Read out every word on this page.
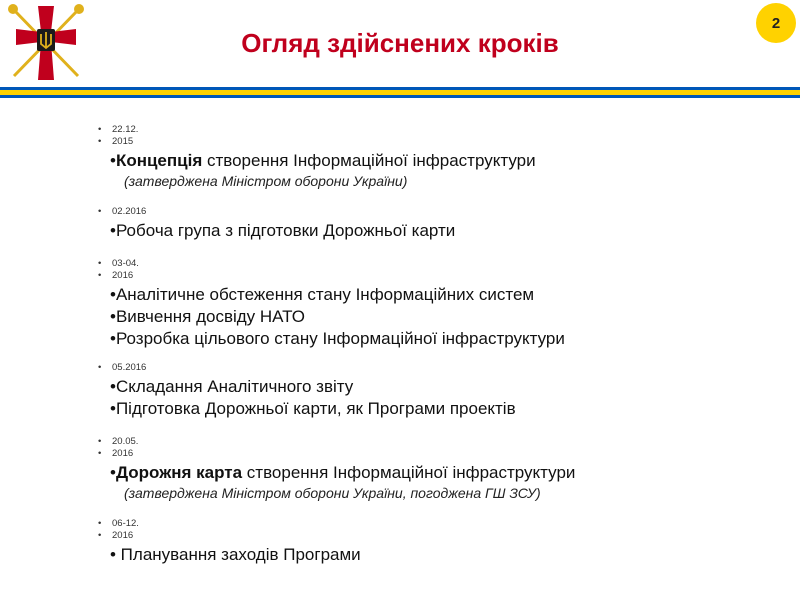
Огляд здійснених кроків
2
•	22.12.
•	2015
•Концепція створення Інформаційної інфраструктури
(затверджена Міністром оборони України)
•	02.2016
•Робоча група з підготовки Дорожньої карти
•	03-04.
•	2016
•Аналітичне обстеження стану Інформаційних систем
•Вивчення досвіду НАТО
•Розробка цільового стану Інформаційної інфраструктури
•	05.2016
•Складання Аналітичного звіту
•Підготовка Дорожньої карти, як Програми проектів
•	20.05.
•	2016
•Дорожня карта створення Інформаційної інфраструктури
(затверджена Міністром оборони України, погоджена ГШ ЗСУ)
•	06-12.
•	2016
• Планування заходів Програми
